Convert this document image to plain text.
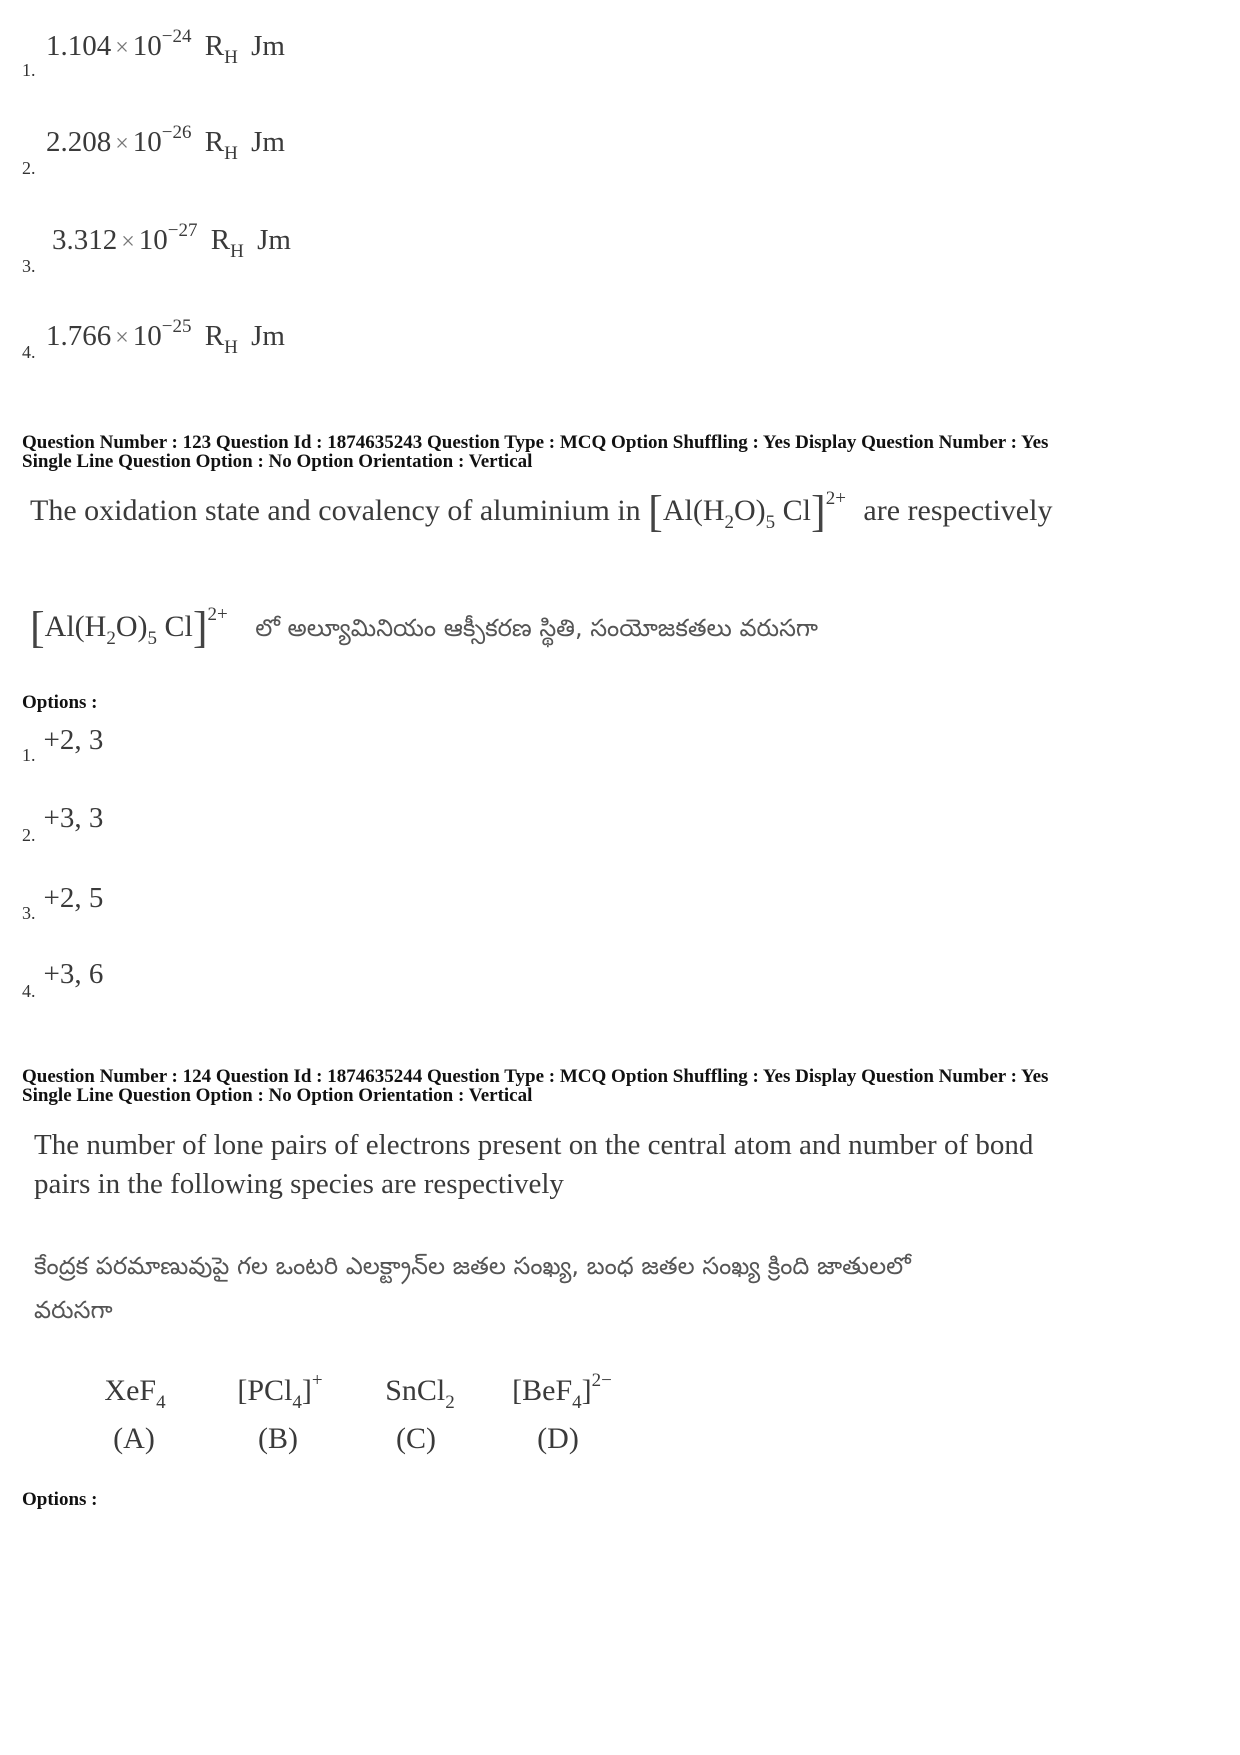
1.
$1.104 \times 10^{-24}$ $R_H$ Jm
2.
$2.208 \times 10^{-26}$ $R_H$ Jm
3.
$3.312 \times 10^{-27}$ $R_H$ Jm
4. $1.766 \times 10^{-25}$ $R_H$ Jm
Question Number : 123 Question Id : 1874635243 Question Type : MCQ Option Shuffling : Yes Display Question Number : Yes
Single Line Question Option : No Option Orientation : Vertical
The oxidation state and covalency of aluminium in [$Al(H_2O)_5$ Cl]$^{2+}$ are respectively
[$Al(H_2O)_5$ Cl]$^{2+}$ లో అల్యూమినియం ఆక్సీకరణ స్థితి, సంయోజకతలు వరుసగా
Options :
1. +2, 3
2. +3, 3
3. +2, 5
4. +3, 6
Question Number : 124 Question Id : 1874635244 Question Type : MCQ Option Shuffling : Yes Display Question Number : Yes
Single Line Question Option : No Option Orientation : Vertical
The number of lone pairs of electrons present on the central atom and number of bond pairs in the following species are respectively
కేంద్రక పరమాణువుపై గల ఒంటరి ఎలక్ట్రాన్‌ల జతల సంఖ్య, బంధ జతల సంఖ్య క్రింది జాతులలో
వరుసగా
XeF$_4$
(A)
[PCl$_4$]+
(B)
SnCl$_2$
(C)
$[BeF_4]^{2-}$
(D)
Options :
